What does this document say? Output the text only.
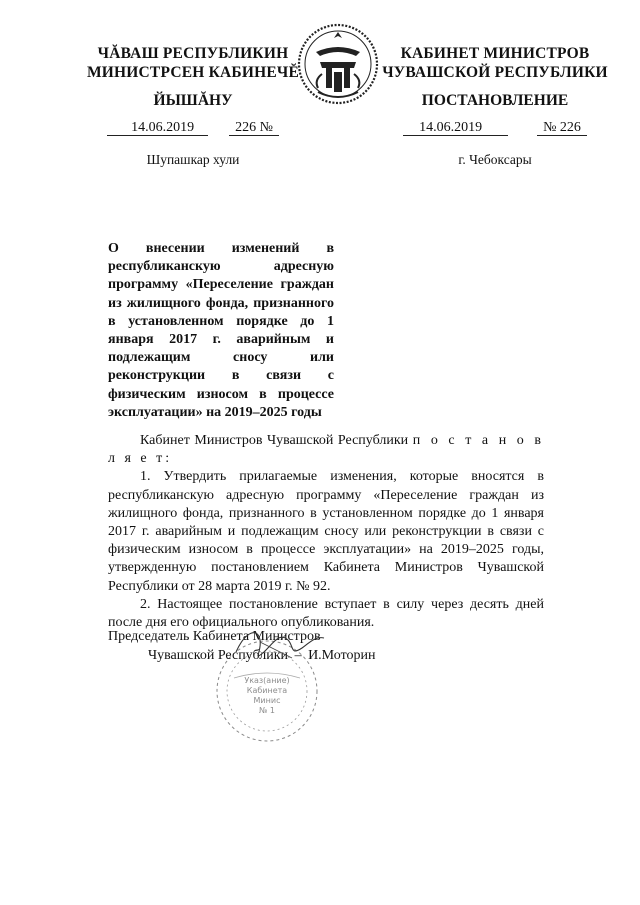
ЧĂВАШ РЕСПУБЛИКИН
МИНИСТРСЕН КАБИНЕЧĔ
ЙЫШĂНУ
14.06.2019	226 №
Шупашкар хули
КАБИНЕТ МИНИСТРОВ
ЧУВАШСКОЙ РЕСПУБЛИКИ
ПОСТАНОВЛЕНИЕ
14.06.2019	№ 226
г. Чебоксары
О внесении изменений в республиканскую адресную программу «Переселение граждан из жилищного фонда, признанного в установленном порядке до 1 января 2017 г. аварийным и подлежащим сносу или реконструкции в связи с физическим износом в процессе эксплуатации» на 2019–2025 годы

Кабинет Министров Чувашской Республики п о с т а н о в л я е т:

1. Утвердить прилагаемые изменения, которые вносятся в республиканскую адресную программу «Переселение граждан из жилищного фонда, признанного в установленном порядке до 1 января 2017 г. аварийным и подлежащим сносу или реконструкции в связи с физическим износом в процессе эксплуатации» на 2019–2025 годы, утвержденную постановлением Кабинета Министров Чувашской Республики от 28 марта 2019 г. № 92.

2. Настоящее постановление вступает в силу через десять дней после дня его официального опубликования.

Указ(ание)
Кабинета Минис
№ 1
Председатель Кабинета Министров
Чувашской Республики – И.Моторин
